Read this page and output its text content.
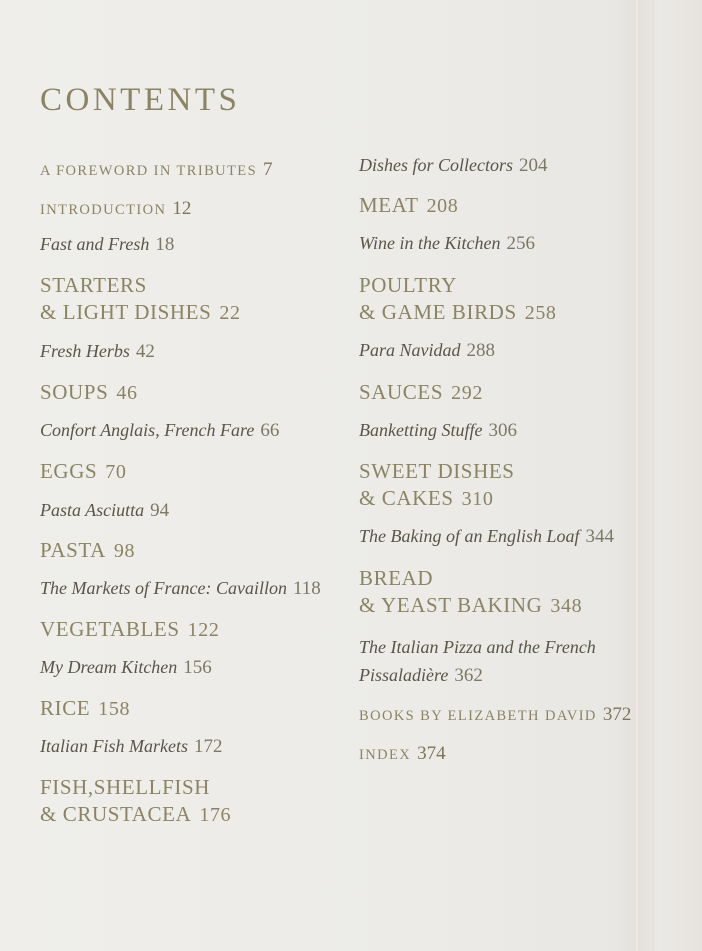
CONTENTS
A FOREWORD IN TRIBUTES 7
INTRODUCTION 12
Fast and Fresh 18
STARTERS
& LIGHT DISHES 22
Fresh Herbs 42
SOUPS 46
Confort Anglais, French Fare 66
EGGS 70
Pasta Asciutta 94
PASTA 98
The Markets of France: Cavaillon 118
VEGETABLES 122
My Dream Kitchen 156
RICE 158
Italian Fish Markets 172
FISH,SHELLFISH
& CRUSTACEA 176
Dishes for Collectors 204
MEAT 208
Wine in the Kitchen 256
POULTRY
& GAME BIRDS 258
Para Navidad 288
SAUCES 292
Banketting Stuffe 306
SWEET DISHES
& CAKES 310
The Baking of an English Loaf 344
BREAD
& YEAST BAKING 348
The Italian Pizza and the French
Pissaladière 362
BOOKS BY ELIZABETH DAVID 372
INDEX 374
